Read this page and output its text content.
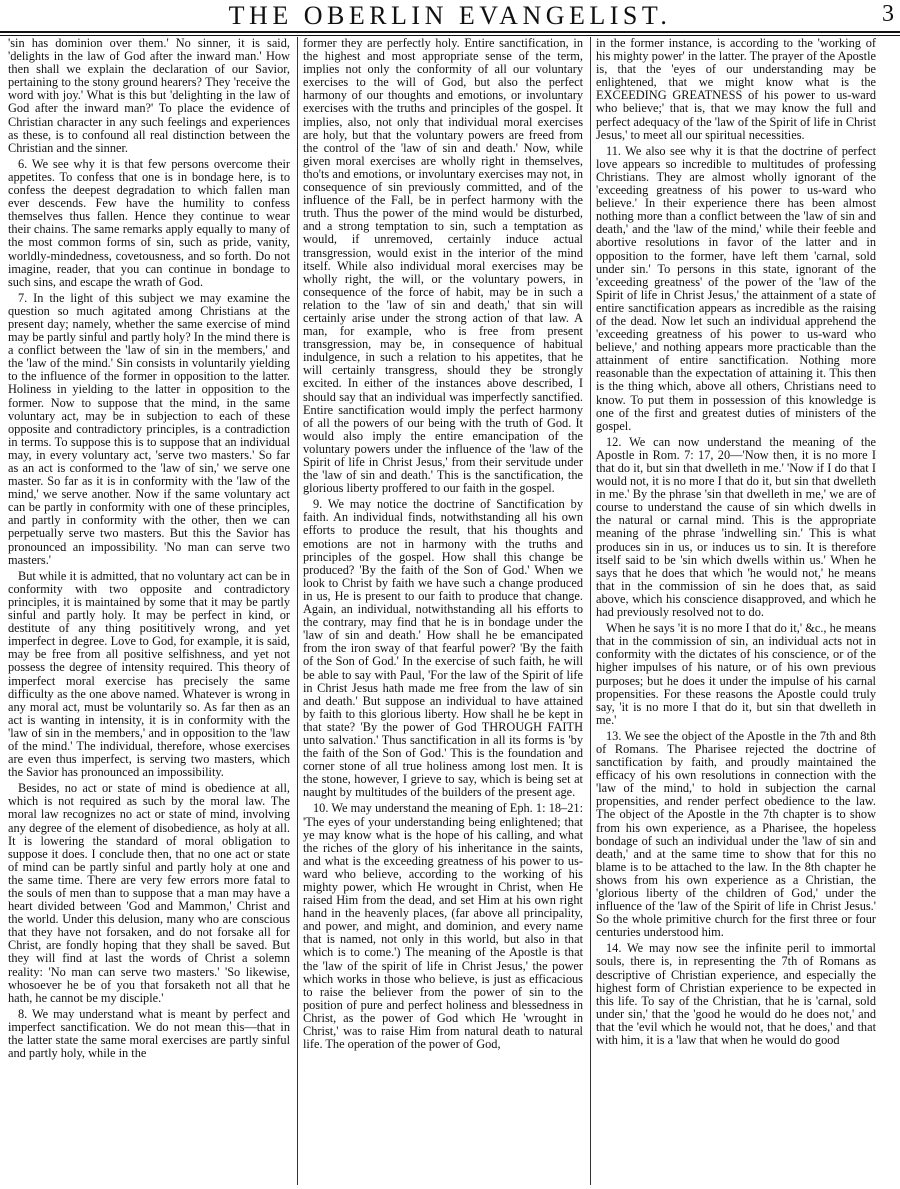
THE OBERLIN EVANGELIST.	3

'sin has dominion over them.' No sinner, it is said, 'delights in the law of God after the inward man.' How then shall we explain the declaration of our Savior, pertaining to the stony ground hearers? They 'receive the word with joy.' What is this but 'delighting in the law of God after the inward man?' To place the evidence of Christian character in any such feelings and experiences as these, is to confound all real distinction between the Christian and the sinner.

6. We see why it is that few persons overcome their appetites. To confess that one is in bondage here, is to confess the deepest degradation to which fallen man ever descends. Few have the humility to confess themselves thus fallen. Hence they continue to wear their chains. The same remarks apply equally to many of the most common forms of sin, such as pride, vanity, worldly-mindedness, covetousness, and so forth. Do not imagine, reader, that you can continue in bondage to such sins, and escape the wrath of God.

7. In the light of this subject we may examine the question so much agitated among Christians at the present day; namely, whether the same exercise of mind may be partly sinful and partly holy? In the mind there is a conflict between the 'law of sin in the members,' and the 'law of the mind.' Sin consists in voluntarily yielding to the influence of the former in opposition to the latter. Holiness in yielding to the latter in opposition to the former. Now to suppose that the mind, in the same voluntary act, may be in subjection to each of these opposite and contradictory principles, is a contradiction in terms. To suppose this is to suppose that an individual may, in every voluntary act, 'serve two masters.' So far as an act is conformed to the 'law of sin,' we serve one master. So far as it is in conformity with the 'law of the mind,' we serve another. Now if the same voluntary act can be partly in conformity with one of these principles, and partly in conformity with the other, then we can perpetually serve two masters. But this the Savior has pronounced an impossibility. 'No man can serve two masters.'

But while it is admitted, that no voluntary act can be in conformity with two opposite and contradictory principles, it is maintained by some that it may be partly sinful and partly holy. It may be perfect in kind, or destitute of any thing posititively wrong, and yet imperfect in degree. Love to God, for example, it is said, may be free from all positive selfishness, and yet not possess the degree of intensity required. This theory of imperfect moral exercise has precisely the same difficulty as the one above named. Whatever is wrong in any moral act, must be voluntarily so. As far then as an act is wanting in intensity, it is in conformity with the 'law of sin in the members,' and in opposition to the 'law of the mind.' The individual, therefore, whose exercises are even thus imperfect, is serving two masters, which the Savior has pronounced an impossibility.

Besides, no act or state of mind is obedience at all, which is not required as such by the moral law. The moral law recognizes no act or state of mind, involving any degree of the element of disobedience, as holy at all. It is lowering the standard of moral obligation to suppose it does. I conclude then, that no one act or state of mind can be partly sinful and partly holy at one and the same time. There are very few errors more fatal to the souls of men than to suppose that a man may have a heart divided between 'God and Mammon,' Christ and the world. Under this delusion, many who are conscious that they have not forsaken, and do not forsake all for Christ, are fondly hoping that they shall be saved. But they will find at last the words of Christ a solemn reality: 'No man can serve two masters.' 'So likewise, whosoever he be of you that forsaketh not all that he hath, he cannot be my disciple.'

8. We may understand what is meant by perfect and imperfect sanctification. We do not mean this—that in the latter state the same moral exercises are partly sinful and partly holy, while in the

former they are perfectly holy. Entire sanctification, in the highest and most appropriate sense of the term, implies not only the conformity of all our voluntary exercises to the will of God, but also the perfect harmony of our thoughts and emotions, or involuntary exercises with the truths and principles of the gospel. It implies, also, not only that individual moral exercises are holy, but that the voluntary powers are freed from the control of the 'law of sin and death.' Now, while given moral exercises are wholly right in themselves, tho'ts and emotions, or involuntary exercises may not, in consequence of sin previously committed, and of the influence of the Fall, be in perfect harmony with the truth. Thus the power of the mind would be disturbed, and a strong temptation to sin, such a temptation as would, if unremoved, certainly induce actual transgression, would exist in the interior of the mind itself. While also individual moral exercises may be wholly right, the will, or the voluntary powers, in consequence of the force of habit, may be in such a relation to the 'law of sin and death,' that sin will certainly arise under the strong action of that law. A man, for example, who is free from present transgression, may be, in consequence of habitual indulgence, in such a relation to his appetites, that he will certainly transgress, should they be strongly excited. In either of the instances above described, I should say that an individual was imperfectly sanctified. Entire sanctification would imply the perfect harmony of all the powers of our being with the truth of God. It would also imply the entire emancipation of the voluntary powers under the influence of the 'law of the Spirit of life in Christ Jesus,' from their servitude under the 'law of sin and death.' This is the sanctification, the glorious liberty proffered to our faith in the gospel.

9. We may notice the doctrine of Sanctification by faith. An individual finds, notwithstanding all his own efforts to produce the result, that his thoughts and emotions are not in harmony with the truths and principles of the gospel. How shall this change be produced? 'By the faith of the Son of God.' When we look to Christ by faith we have such a change produced in us, He is present to our faith to produce that change. Again, an individual, notwithstanding all his efforts to the contrary, may find that he is in bondage under the 'law of sin and death.' How shall he be emancipated from the iron sway of that fearful power? 'By the faith of the Son of God.' In the exercise of such faith, he will be able to say with Paul, 'For the law of the Spirit of life in Christ Jesus hath made me free from the law of sin and death.' But suppose an individual to have attained by faith to this glorious liberty. How shall he be kept in that state? 'By the power of God THROUGH FAITH unto salvation.' Thus sanctification in all its forms is 'by the faith of the Son of God.' This is the foundation and corner stone of all true holiness among lost men. It is the stone, however, I grieve to say, which is being set at naught by multitudes of the builders of the present age.

10. We may understand the meaning of Eph. 1: 18–21: 'The eyes of your understanding being enlightened; that ye may know what is the hope of his calling, and what the riches of the glory of his inheritance in the saints, and what is the exceeding greatness of his power to us-ward who believe, according to the working of his mighty power, which He wrought in Christ, when He raised Him from the dead, and set Him at his own right hand in the heavenly places, (far above all principality, and power, and might, and dominion, and every name that is named, not only in this world, but also in that which is to come.') The meaning of the Apostle is that the 'law of the spirit of life in Christ Jesus,' the power which works in those who believe, is just as efficacious to raise the believer from the power of sin to the position of pure and perfect holiness and blessedness in Christ, as the power of God which He 'wrought in Christ,' was to raise Him from natural death to natural life. The operation of the power of God,

in the former instance, is according to the 'working of his mighty power' in the latter. The prayer of the Apostle is, that the 'eyes of our understanding may be enlightened, that we might know what is the EXCEEDING GREATNESS of his power to us-ward who believe;' that is, that we may know the full and perfect adequacy of the 'law of the Spirit of life in Christ Jesus,' to meet all our spiritual necessities.

11. We also see why it is that the doctrine of perfect love appears so incredible to multitudes of professing Christians. They are almost wholly ignorant of the 'exceeding greatness of his power to us-ward who believe.' In their experience there has been almost nothing more than a conflict between the 'law of sin and death,' and the 'law of the mind,' while their feeble and abortive resolutions in favor of the latter and in opposition to the former, have left them 'carnal, sold under sin.' To persons in this state, ignorant of the 'exceeding greatness' of the power of the 'law of the Spirit of life in Christ Jesus,' the attainment of a state of entire sanctification appears as incredible as the raising of the dead. Now let such an individual apprehend the 'exceeding greatness of his power to us-ward who believe,' and nothing appears more practicable than the attainment of entire sanctification. Nothing more reasonable than the expectation of attaining it. This then is the thing which, above all others, Christians need to know. To put them in possession of this knowledge is one of the first and greatest duties of ministers of the gospel.

12. We can now understand the meaning of the Apostle in Rom. 7: 17, 20—'Now then, it is no more I that do it, but sin that dwelleth in me.' 'Now if I do that I would not, it is no more I that do it, but sin that dwelleth in me.' By the phrase 'sin that dwelleth in me,' we are of course to understand the cause of sin which dwells in the natural or carnal mind. This is the appropriate meaning of the phrase 'indwelling sin.' This is what produces sin in us, or induces us to sin. It is therefore itself said to be 'sin which dwells within us.' When he says that he does that which 'he would not,' he means that in the commission of sin he does that, as said above, which his conscience disapproved, and which he had previously resolved not to do.

When he says 'it is no more I that do it,' &c., he means that in the commission of sin, an individual acts not in conformity with the dictates of his conscience, or of the higher impulses of his nature, or of his own previous purposes; but he does it under the impulse of his carnal propensities. For these reasons the Apostle could truly say, 'it is no more I that do it, but sin that dwelleth in me.'

13. We see the object of the Apostle in the 7th and 8th of Romans. The Pharisee rejected the doctrine of sanctification by faith, and proudly maintained the efficacy of his own resolutions in connection with the 'law of the mind,' to hold in subjection the carnal propensities, and render perfect obedience to the law. The object of the Apostle in the 7th chapter is to show from his own experience, as a Pharisee, the hopeless bondage of such an individual under the 'law of sin and death,' and at the same time to show that for this no blame is to be attached to the law. In the 8th chapter he shows from his own experience as a Christian, the 'glorious liberty of the children of God,' under the influence of the 'law of the Spirit of life in Christ Jesus.' So the whole primitive church for the first three or four centuries understood him.

14. We may now see the infinite peril to immortal souls, there is, in representing the 7th of Romans as descriptive of Christian experience, and especially the highest form of Christian experience to be expected in this life. To say of the Christian, that he is 'carnal, sold under sin,' that the 'good he would do he does not,' and that the 'evil which he would not, that he does,' and that with him, it is a 'law that when he would do good
